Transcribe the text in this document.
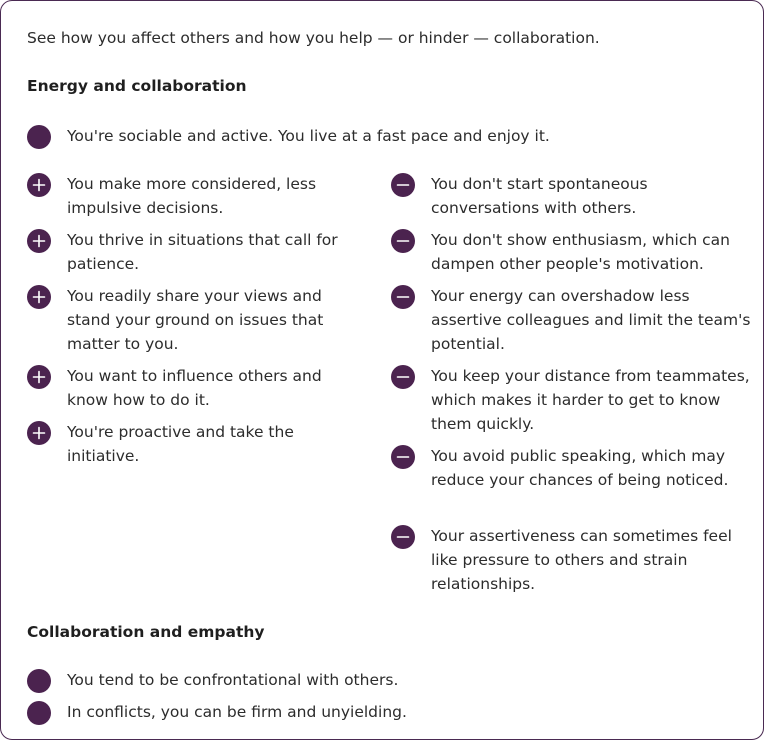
See how you affect others and how you help — or hinder — collaboration.

Energy and collaboration
You're sociable and active. You live at a fast pace and enjoy it.
You make more considered, less impulsive decisions.
You thrive in situations that call for patience.
You readily share your views and stand your ground on issues that matter to you.
You want to influence others and know how to do it.
You're proactive and take the initiative.
You don't start spontaneous conversations with others.
You don't show enthusiasm, which can dampen other people's motivation.
Your energy can overshadow less assertive colleagues and limit the team's potential.
You keep your distance from teammates, which makes it harder to get to know them quickly.
You avoid public speaking, which may reduce your chances of being noticed.
Your assertiveness can sometimes feel like pressure to others and strain relationships.
Collaboration and empathy
You tend to be confrontational with others.
In conflicts, you can be firm and unyielding.
